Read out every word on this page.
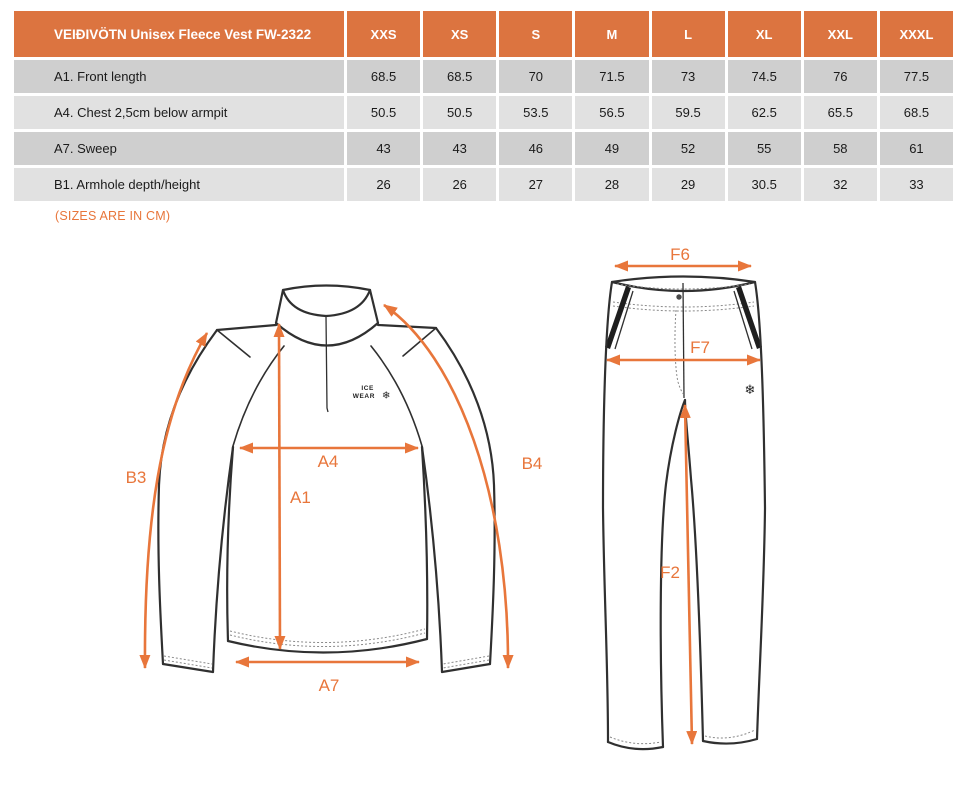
VEIÐIVÖTN Unisex Fleece Vest FW-2322	XXS	XS	S	M	L	XL	XXL	XXXL
A1. Front length	68.5	68.5	70	71.5	73	74.5	76	77.5
A4. Chest 2,5cm below armpit	50.5	50.5	53.5	56.5	59.5	62.5	65.5	68.5
A7. Sweep	43	43	46	49	52	55	58	61
B1. Armhole depth/height	26	26	27	28	29	30.5	32	33
(SIZES ARE IN CM)
ICE
WEAR ❄
A4
A1
A7
B3
B4
❄
F6
F7
F2
